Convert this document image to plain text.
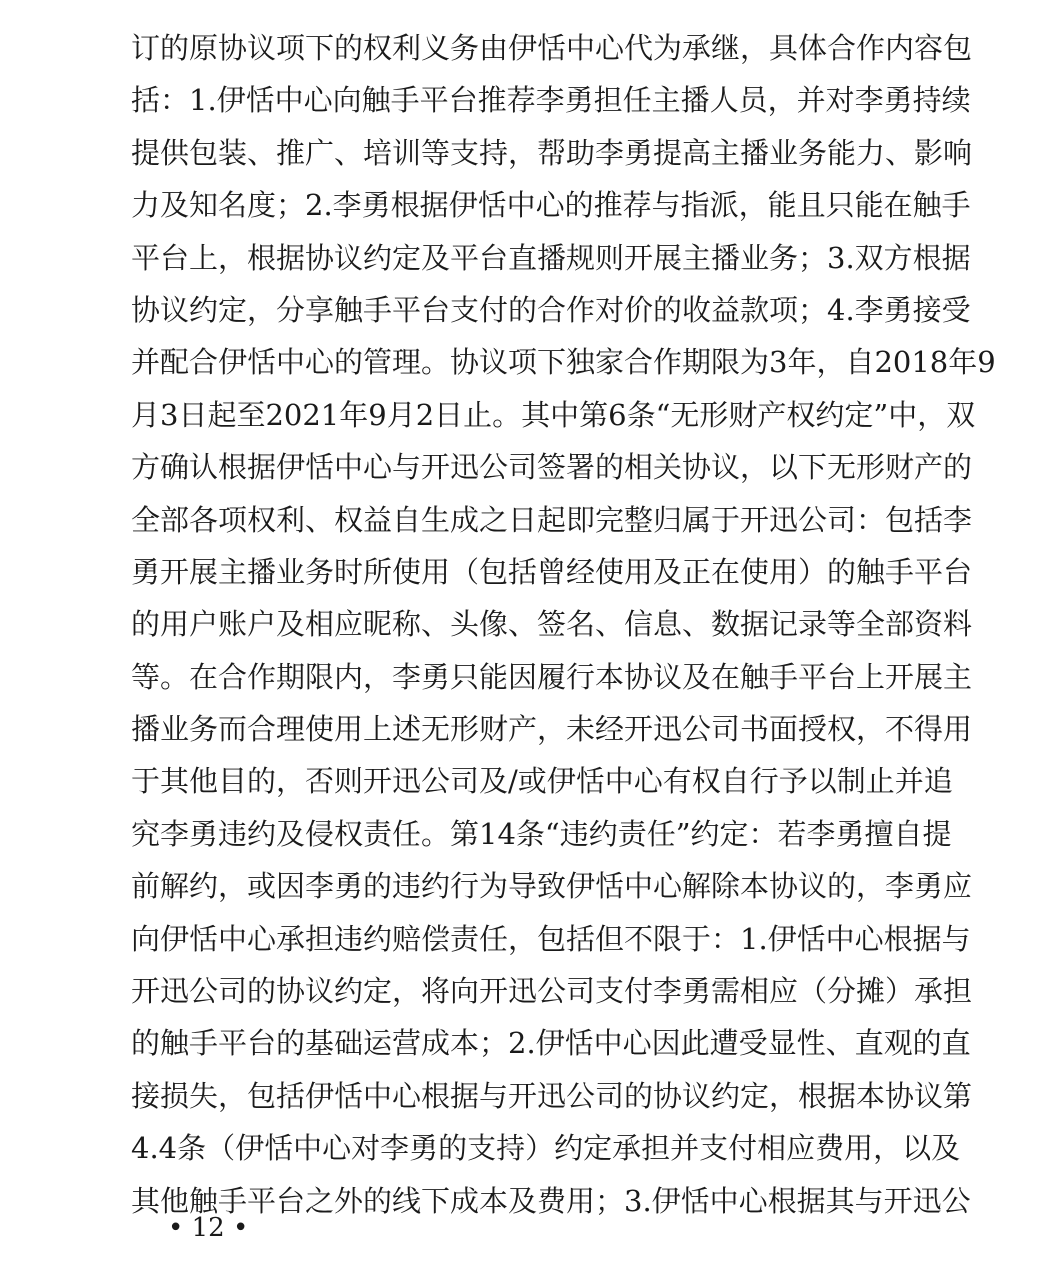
订的原协议项下的权利义务由伊恬中心代为承继，具体合作内容包
括：1.伊恬中心向触手平台推荐李勇担任主播人员，并对李勇持续
提供包装、推广、培训等支持，帮助李勇提高主播业务能力、影响
力及知名度；2.李勇根据伊恬中心的推荐与指派，能且只能在触手
平台上，根据协议约定及平台直播规则开展主播业务；3.双方根据
协议约定，分享触手平台支付的合作对价的收益款项；4.李勇接受
并配合伊恬中心的管理。协议项下独家合作期限为3年，自2018年9
月3日起至2021年9月2日止。其中第6条“无形财产权约定”中，双
方确认根据伊恬中心与开迅公司签署的相关协议，以下无形财产的
全部各项权利、权益自生成之日起即完整归属于开迅公司：包括李
勇开展主播业务时所使用（包括曾经使用及正在使用）的触手平台
的用户账户及相应昵称、头像、签名、信息、数据记录等全部资料
等。在合作期限内，李勇只能因履行本协议及在触手平台上开展主
播业务而合理使用上述无形财产，未经开迅公司书面授权，不得用
于其他目的，否则开迅公司及/或伊恬中心有权自行予以制止并追
究李勇违约及侵权责任。第14条“违约责任”约定：若李勇擅自提
前解约，或因李勇的违约行为导致伊恬中心解除本协议的，李勇应
向伊恬中心承担违约赔偿责任，包括但不限于：1.伊恬中心根据与
开迅公司的协议约定，将向开迅公司支付李勇需相应（分摊）承担
的触手平台的基础运营成本；2.伊恬中心因此遭受显性、直观的直
接损失，包括伊恬中心根据与开迅公司的协议约定，根据本协议第
4.4条（伊恬中心对李勇的支持）约定承担并支付相应费用，以及
其他触手平台之外的线下成本及费用；3.伊恬中心根据其与开迅公
• 12 •
